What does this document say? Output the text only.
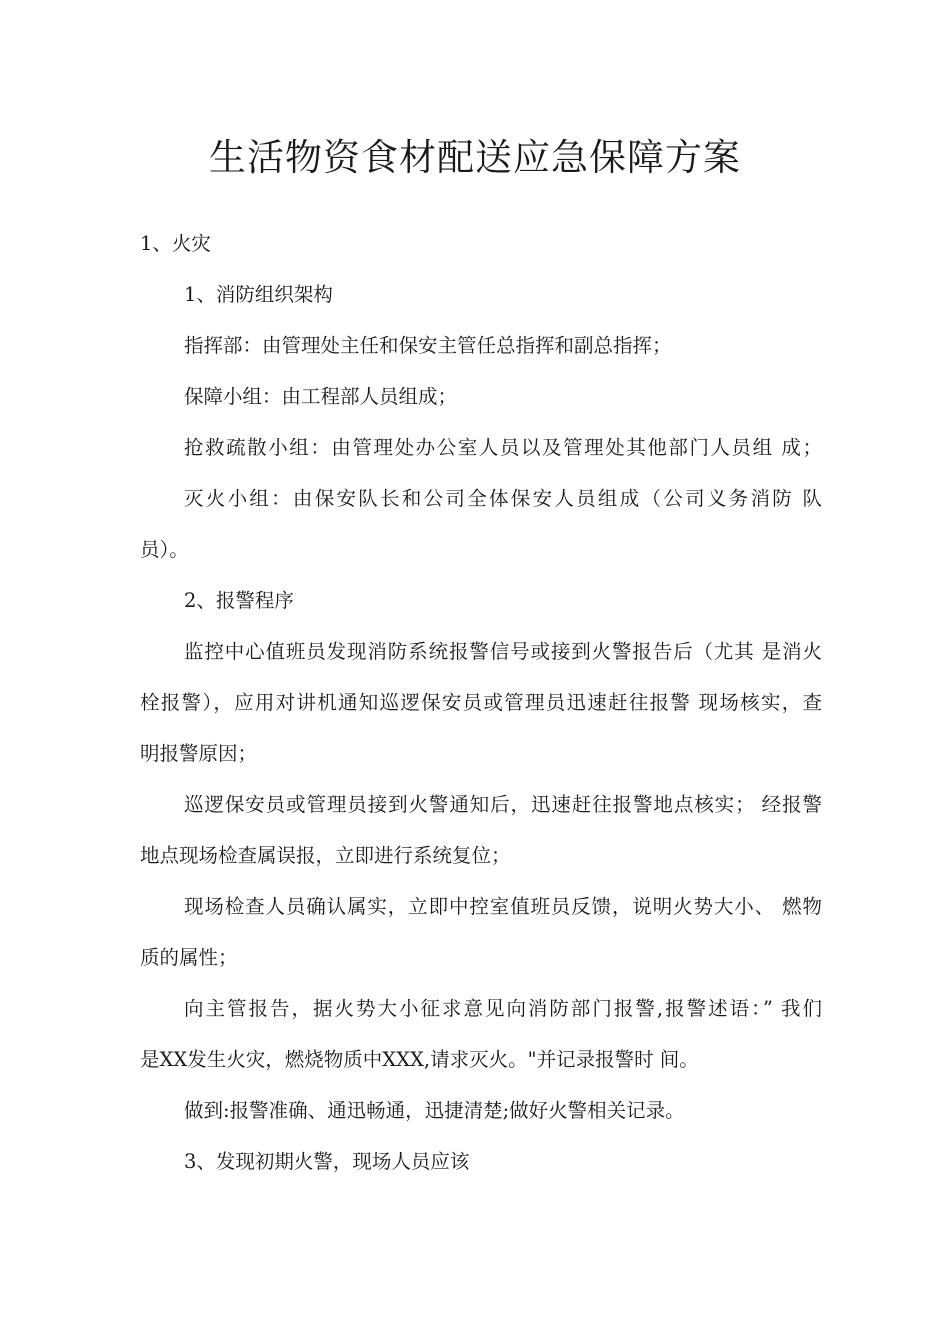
生活物资食材配送应急保障方案
1、火灾
1、消防组织架构
指挥部：由管理处主任和保安主管任总指挥和副总指挥；
保障小组：由工程部人员组成；
抢救疏散小组：由管理处办公室人员以及管理处其他部门人员组 成；
灭火小组：由保安队长和公司全体保安人员组成（公司义务消防 队
员）。
2、报警程序
监控中心值班员发现消防系统报警信号或接到火警报告后（尤其 是消火
栓报警），应用对讲机通知巡逻保安员或管理员迅速赶往报警 现场核实，查
明报警原因；
巡逻保安员或管理员接到火警通知后，迅速赶往报警地点核实； 经报警
地点现场检查属误报，立即进行系统复位；
现场检查人员确认属实，立即中控室值班员反馈，说明火势大小、 燃物
质的属性；
向主管报告，据火势大小征求意见向消防部门报警,报警述语：” 我们
是XX发生火灾，燃烧物质中XXX,请求灭火。"并记录报警时 间。
做到:报警准确、通迅畅通，迅捷清楚;做好火警相关记录。
3、发现初期火警，现场人员应该
